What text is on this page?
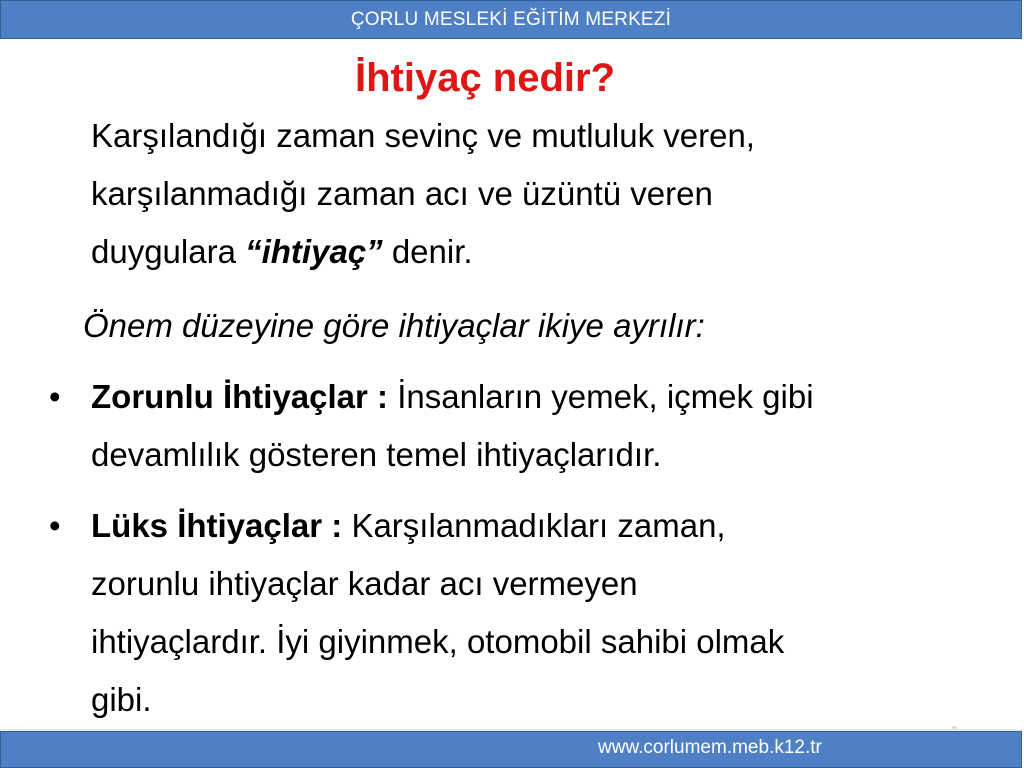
ÇORLU MESLEKİ EĞİTİM MERKEZİ
İhtiyaç nedir?
Karşılandığı zaman sevinç ve mutluluk veren,
karşılanmadığı zaman acı ve üzüntü veren
duygulara “ihtiyaç” denir.
Önem düzeyine göre ihtiyaçlar ikiye ayrılır:
• Zorunlu İhtiyaçlar : İnsanların yemek, içmek gibi
devamlılık gösteren temel ihtiyaçlarıdır.
• Lüks İhtiyaçlar : Karşılanmadıkları zaman,
zorunlu ihtiyaçlar kadar acı vermeyen
ihtiyaçlardır. İyi giyinmek, otomobil sahibi olmak
gibi.
www.corlumem.meb.k12.tr
